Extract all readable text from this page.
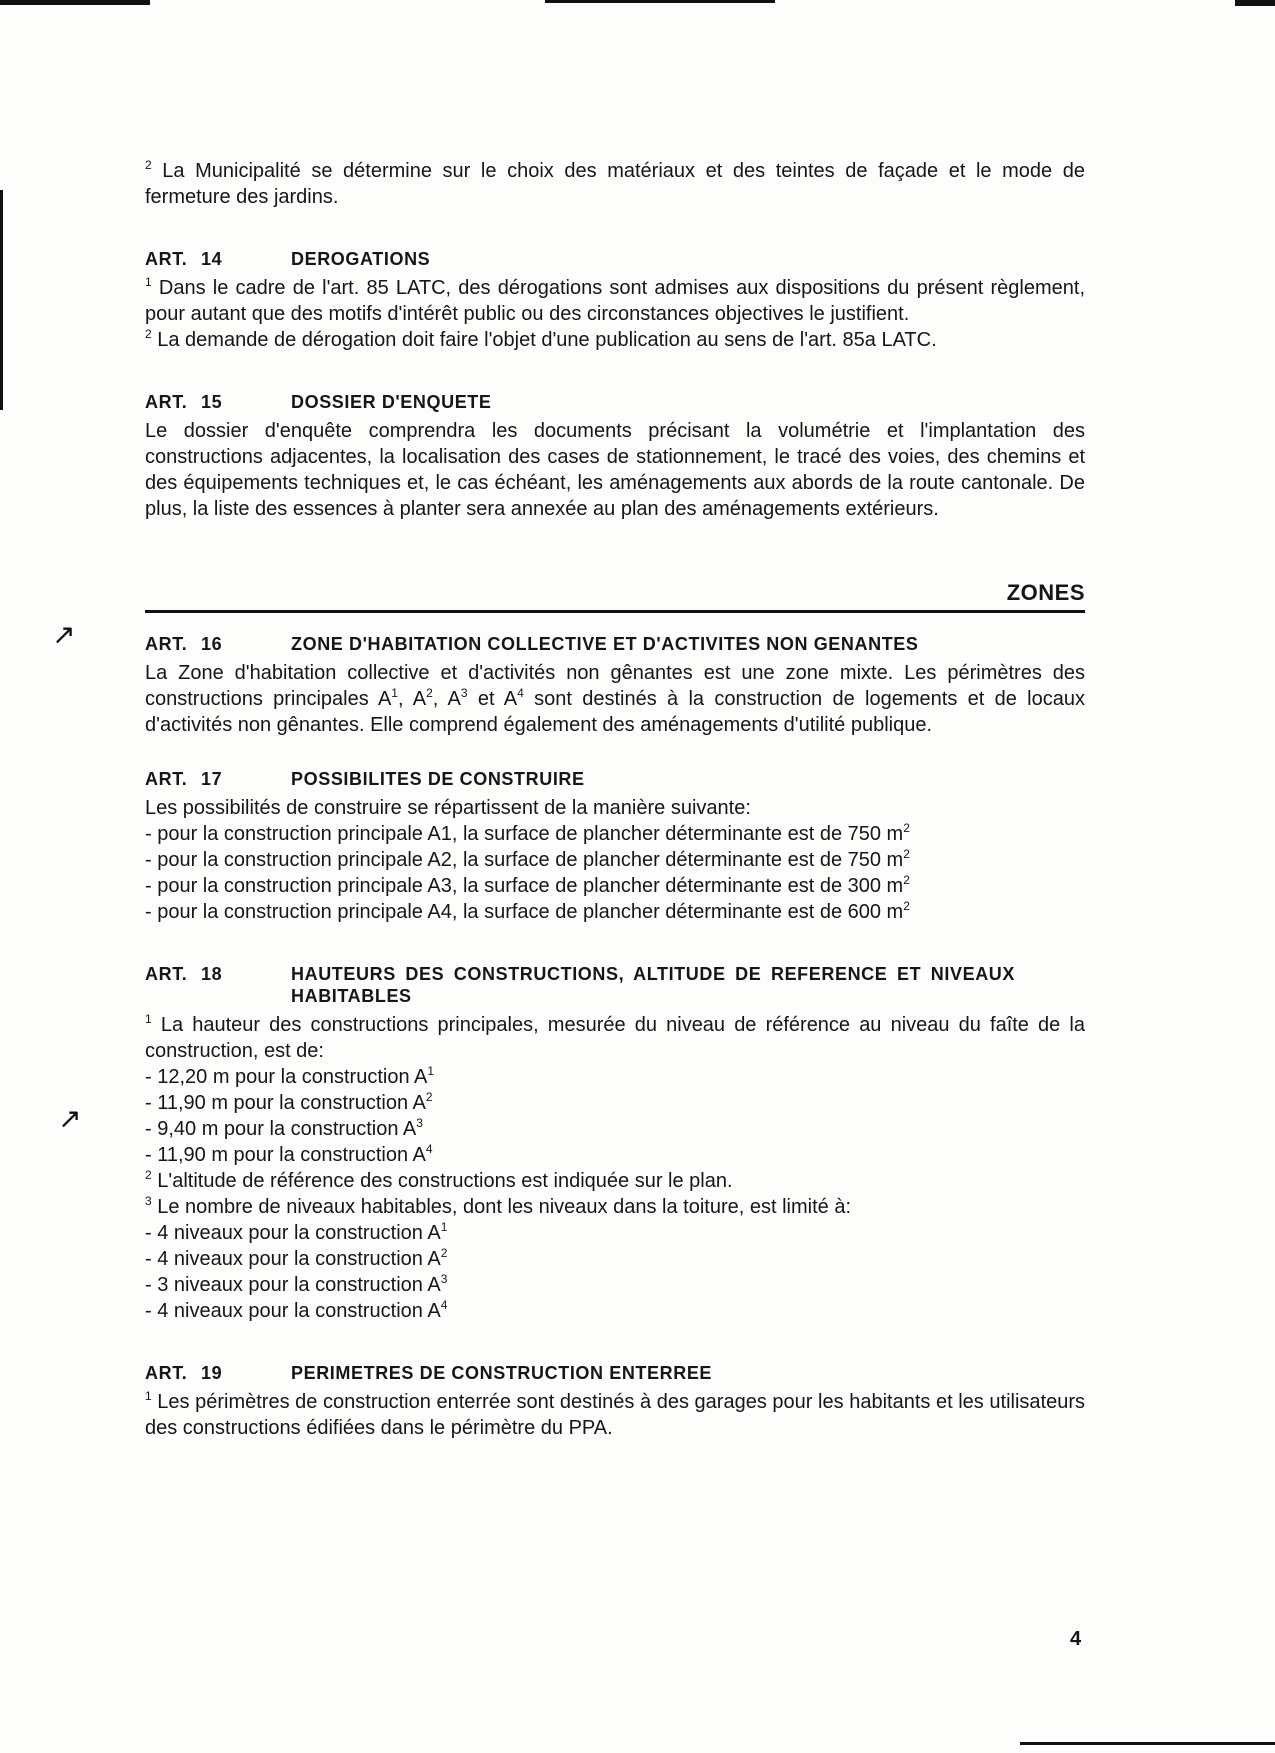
↗
↗

$^2$ La Municipalité se détermine sur le choix des matériaux et des teintes de façade et le mode de fermeture des jardins.

ART. 14	DEROGATIONS

$^1$ Dans le cadre de l'art. 85 LATC, des dérogations sont admises aux dispositions du présent règlement, pour autant que des motifs d'intérêt public ou des circonstances objectives le justifient.

$^2$ La demande de dérogation doit faire l'objet d'une publication au sens de l'art. 85a LATC.

ART. 15	DOSSIER D'ENQUETE

Le dossier d'enquête comprendra les documents précisant la volumétrie et l'implantation des constructions adjacentes, la localisation des cases de stationnement, le tracé des voies, des chemins et des équipements techniques et, le cas échéant, les aménagements aux abords de la route cantonale. De plus, la liste des essences à planter sera annexée au plan des aménagements extérieurs.

ZONES
ART. 16	ZONE D'HABITATION COLLECTIVE ET D'ACTIVITES NON GENANTES

La Zone d'habitation collective et d'activités non gênantes est une zone mixte. Les périmètres des constructions principales $A^1$, $A^2$, $A^3$ et $A^4$ sont destinés à la construction de logements et de locaux d'activités non gênantes. Elle comprend également des aménagements d'utilité publique.

ART. 17	POSSIBILITES DE CONSTRUIRE

Les possibilités de construire se répartissent de la manière suivante:

- pour la construction principale A1, la surface de plancher déterminante est de 750 $m^2$

- pour la construction principale A2, la surface de plancher déterminante est de 750 $m^2$

- pour la construction principale A3, la surface de plancher déterminante est de 300 $m^2$

- pour la construction principale A4, la surface de plancher déterminante est de 600 $m^2$

ART. 18	HAUTEURS DES CONSTRUCTIONS, ALTITUDE DE REFERENCE ET NIVEAUX HABITABLES

$^1$ La hauteur des constructions principales, mesurée du niveau de référence au niveau du faîte de la construction, est de:

- 12,20 m pour la construction $A^1$

- 11,90 m pour la construction $A^2$

- 9,40 m pour la construction $A^3$

- 11,90 m pour la construction $A^4$

$^2$ L'altitude de référence des constructions est indiquée sur le plan.

$^3$ Le nombre de niveaux habitables, dont les niveaux dans la toiture, est limité à:

- 4 niveaux pour la construction $A^1$

- 4 niveaux pour la construction $A^2$

- 3 niveaux pour la construction $A^3$

- 4 niveaux pour la construction $A^4$

ART. 19	PERIMETRES DE CONSTRUCTION ENTERREE

$^1$ Les périmètres de construction enterrée sont destinés à des garages pour les habitants et les utilisateurs des constructions édifiées dans le périmètre du PPA.

4
